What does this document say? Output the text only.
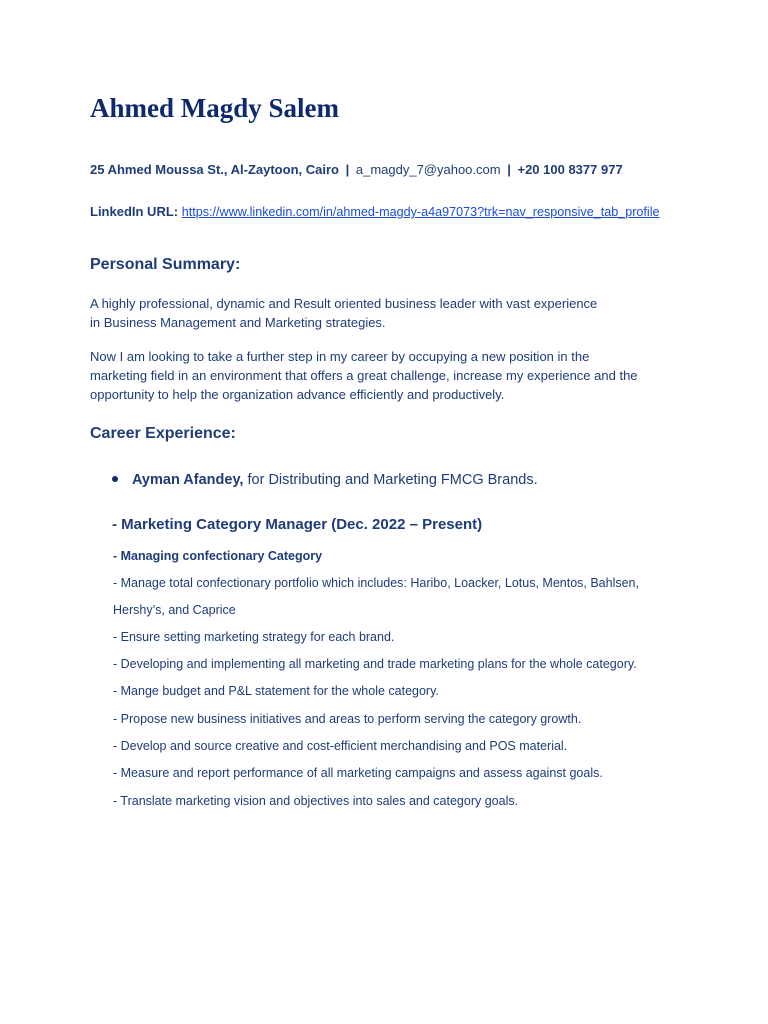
Ahmed Magdy Salem
25 Ahmed Moussa St., Al-Zaytoon, Cairo | a_magdy_7@yahoo.com | +20 100 8377 977
LinkedIn URL: https://www.linkedin.com/in/ahmed-magdy-a4a97073?trk=nav_responsive_tab_profile
Personal Summary:
A highly professional, dynamic and Result oriented business leader with vast experience
in Business Management and Marketing strategies.
Now I am looking to take a further step in my career by occupying a new position in the
marketing field in an environment that offers a great challenge, increase my experience and the
opportunity to help the organization advance efficiently and productively.
Career Experience:
Ayman Afandey, for Distributing and Marketing FMCG Brands.
- Marketing Category Manager (Dec. 2022 – Present)
- Managing confectionary Category
- Manage total confectionary portfolio which includes: Haribo, Loacker, Lotus, Mentos, Bahlsen,
Hershy’s, and Caprice
- Ensure setting marketing strategy for each brand.
- Developing and implementing all marketing and trade marketing plans for the whole category.
- Mange budget and P&L statement for the whole category.
- Propose new business initiatives and areas to perform serving the category growth.
- Develop and source creative and cost-efficient merchandising and POS material.
- Measure and report performance of all marketing campaigns and assess against goals.
- Translate marketing vision and objectives into sales and category goals.
